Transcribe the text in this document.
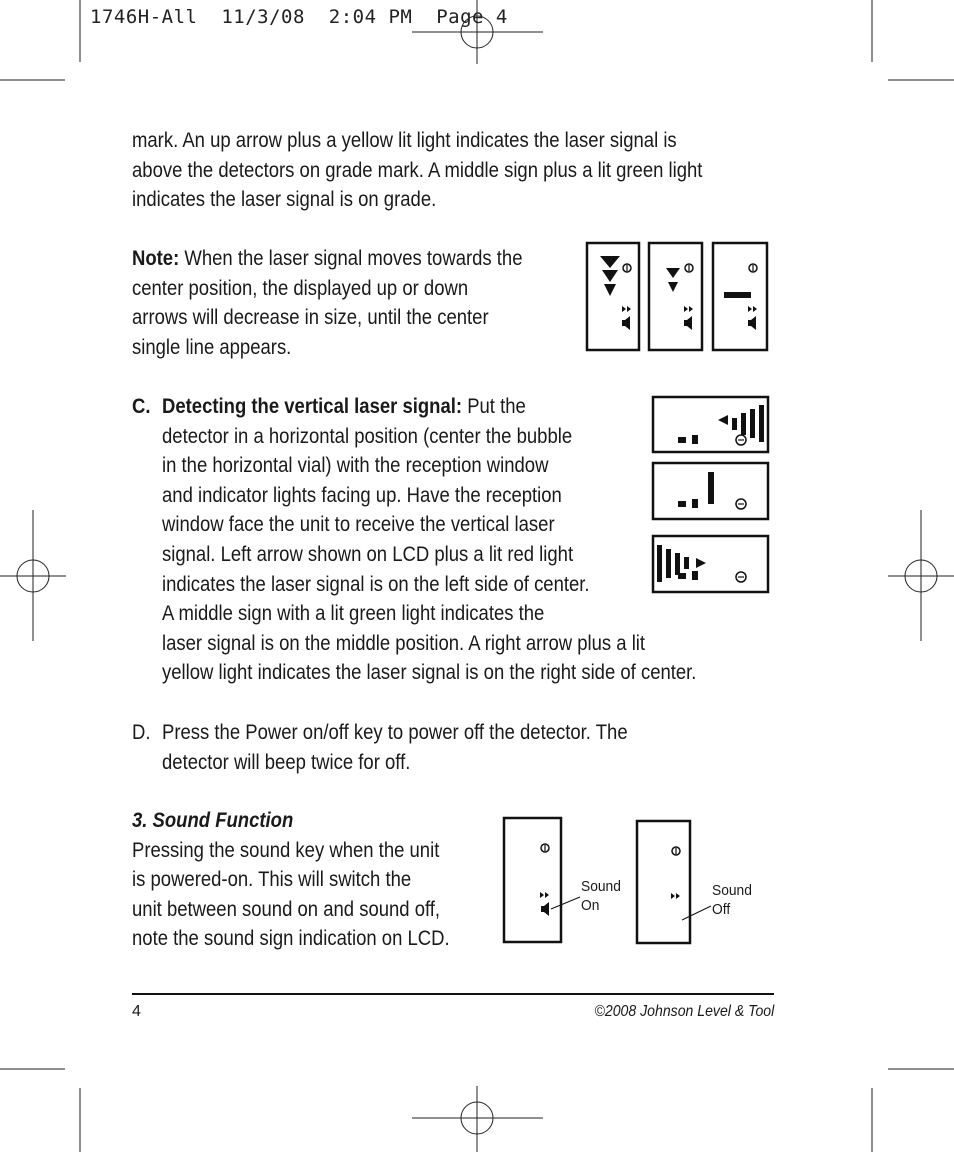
1746H-All  11/3/08  2:04 PM  Page 4
mark. An up arrow plus a yellow lit light indicates the laser signal is
above the detectors on grade mark. A middle sign plus a lit green light
indicates the laser signal is on grade.
Note: When the laser signal moves towards the
center position, the displayed up or down
arrows will decrease in size, until the center
single line appears.
C. Detecting the vertical laser signal: Put the
detector in a horizontal position (center the bubble
in the horizontal vial) with the reception window
and indicator lights facing up. Have the reception
window face the unit to receive the vertical laser
signal. Left arrow shown on LCD plus a lit red light
indicates the laser signal is on the left side of center.
A middle sign with a lit green light indicates the
laser signal is on the middle position. A right arrow plus a lit
yellow light indicates the laser signal is on the right side of center.
D. Press the Power on/off key to power off the detector. The
detector will beep twice for off.
3. Sound Function
Pressing the sound key when the unit
is powered-on. This will switch the
unit between sound on and sound off,
note the sound sign indication on LCD.
Sound
On
Sound
Off
4	©2008 Johnson Level & Tool
